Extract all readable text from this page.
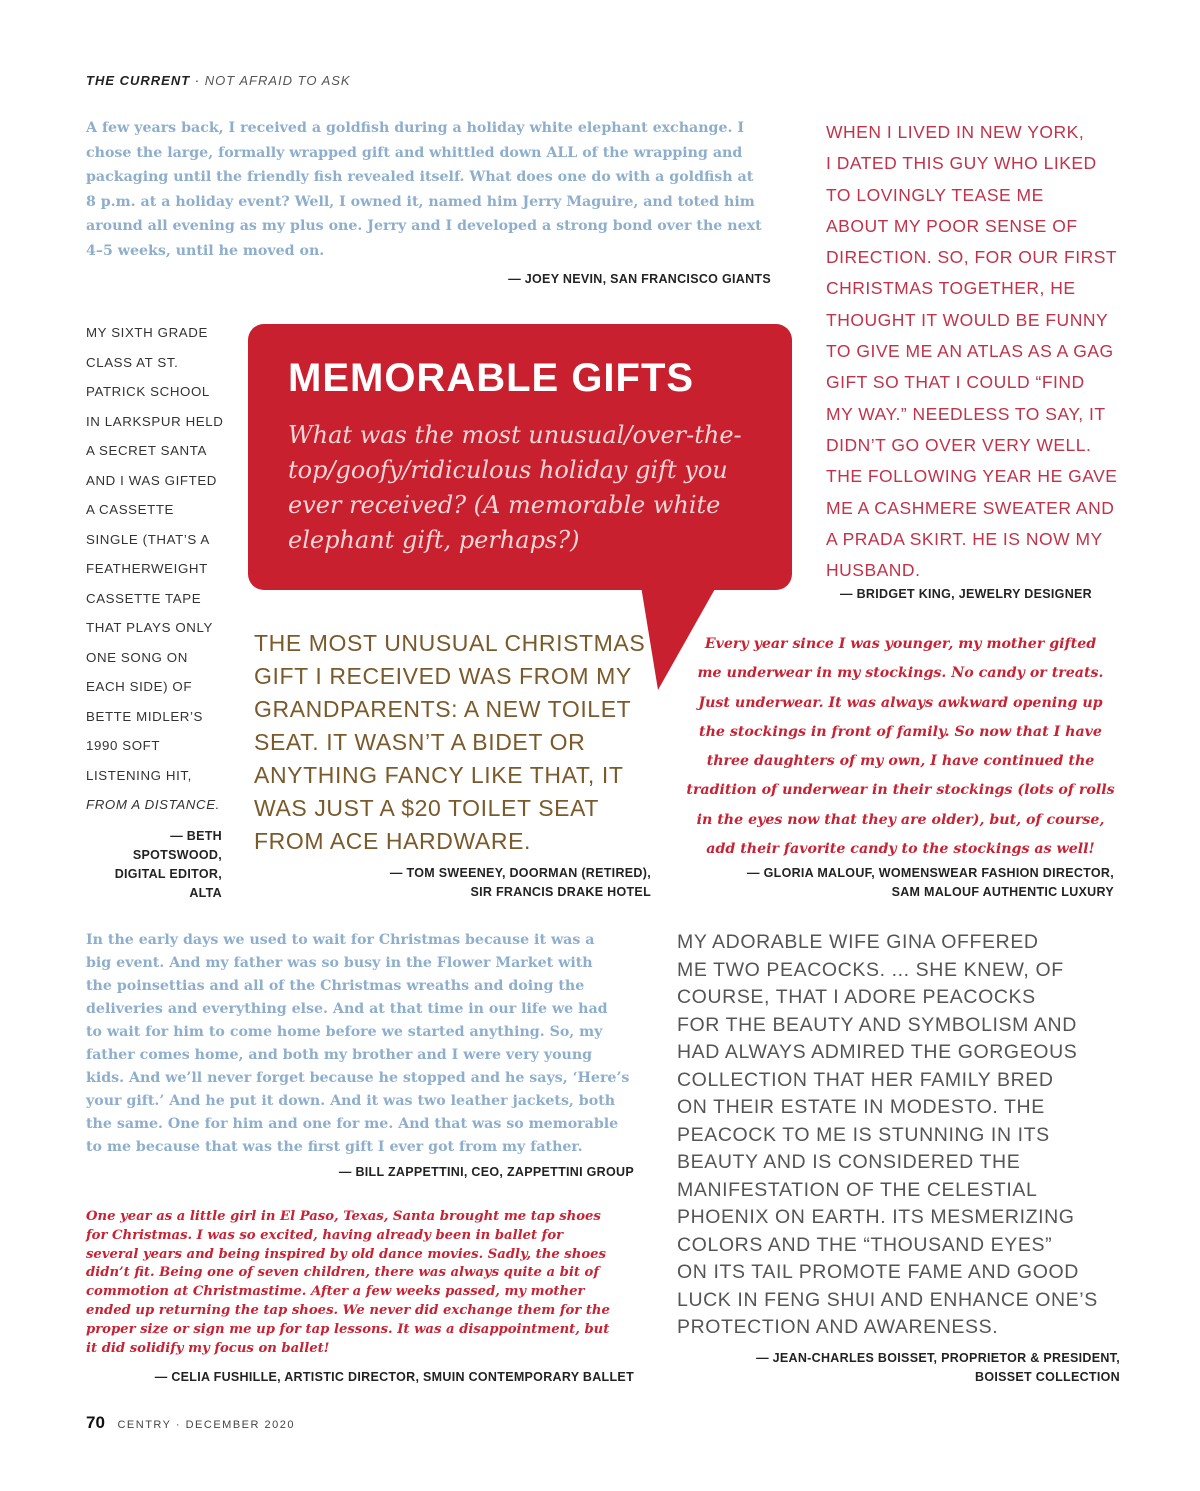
THE CURRENT · NOT AFRAID TO ASK
A few years back, I received a goldfish during a holiday white elephant exchange. I
chose the large, formally wrapped gift and whittled down ALL of the wrapping and
packaging until the friendly fish revealed itself. What does one do with a goldfish at
8 p.m. at a holiday event? Well, I owned it, named him Jerry Maguire, and toted him
around all evening as my plus one. Jerry and I developed a strong bond over the next
4–5 weeks, until he moved on.
— JOEY NEVIN, SAN FRANCISCO GIANTS
WHEN I LIVED IN NEW YORK,
I DATED THIS GUY WHO LIKED
TO LOVINGLY TEASE ME
ABOUT MY POOR SENSE OF
DIRECTION. SO, FOR OUR FIRST
CHRISTMAS TOGETHER, HE
THOUGHT IT WOULD BE FUNNY
TO GIVE ME AN ATLAS AS A GAG
GIFT SO THAT I COULD “FIND
MY WAY.” NEEDLESS TO SAY, IT
DIDN’T GO OVER VERY WELL.
THE FOLLOWING YEAR HE GAVE
ME A CASHMERE SWEATER AND
A PRADA SKIRT. HE IS NOW MY
HUSBAND.
— BRIDGET KING, JEWELRY DESIGNER
MY SIXTH GRADE
CLASS AT ST.
PATRICK SCHOOL
IN LARKSPUR HELD
A SECRET SANTA
AND I WAS GIFTED
A CASSETTE
SINGLE (THAT’S A
FEATHERWEIGHT
CASSETTE TAPE
THAT PLAYS ONLY
ONE SONG ON
EACH SIDE) OF
BETTE MIDLER’S
1990 SOFT
LISTENING HIT,
FROM A DISTANCE.
— BETH
SPOTSWOOD,
DIGITAL EDITOR,
ALTA
MEMORABLE GIFTS
What was the most unusual/over-the-
top/goofy/ridiculous holiday gift you
ever received? (A memorable white
elephant gift, perhaps?)
THE MOST UNUSUAL CHRISTMAS
GIFT I RECEIVED WAS FROM MY
GRANDPARENTS: A NEW TOILET
SEAT. IT WASN’T A BIDET OR
ANYTHING FANCY LIKE THAT, IT
WAS JUST A $20 TOILET SEAT
FROM ACE HARDWARE.
— TOM SWEENEY, DOORMAN (RETIRED),
SIR FRANCIS DRAKE HOTEL
Every year since I was younger, my mother gifted
me underwear in my stockings. No candy or treats.
Just underwear. It was always awkward opening up
the stockings in front of family. So now that I have
three daughters of my own, I have continued the
tradition of underwear in their stockings (lots of rolls
in the eyes now that they are older), but, of course,
add their favorite candy to the stockings as well!
— GLORIA MALOUF, WOMENSWEAR FASHION DIRECTOR,
SAM MALOUF AUTHENTIC LUXURY
In the early days we used to wait for Christmas because it was a
big event. And my father was so busy in the Flower Market with
the poinsettias and all of the Christmas wreaths and doing the
deliveries and everything else. And at that time in our life we had
to wait for him to come home before we started anything. So, my
father comes home, and both my brother and I were very young
kids. And we’ll never forget because he stopped and he says, ‘Here’s
your gift.’ And he put it down. And it was two leather jackets, both
the same. One for him and one for me. And that was so memorable
to me because that was the first gift I ever got from my father.
— BILL ZAPPETTINI, CEO, ZAPPETTINI GROUP
One year as a little girl in El Paso, Texas, Santa brought me tap shoes
for Christmas. I was so excited, having already been in ballet for
several years and being inspired by old dance movies. Sadly, the shoes
didn’t fit. Being one of seven children, there was always quite a bit of
commotion at Christmastime. After a few weeks passed, my mother
ended up returning the tap shoes. We never did exchange them for the
proper size or sign me up for tap lessons. It was a disappointment, but
it did solidify my focus on ballet!
— CELIA FUSHILLE, ARTISTIC DIRECTOR, SMUIN CONTEMPORARY BALLET
MY ADORABLE WIFE GINA OFFERED
ME TWO PEACOCKS. ... SHE KNEW, OF
COURSE, THAT I ADORE PEACOCKS
FOR THE BEAUTY AND SYMBOLISM AND
HAD ALWAYS ADMIRED THE GORGEOUS
COLLECTION THAT HER FAMILY BRED
ON THEIR ESTATE IN MODESTO. THE
PEACOCK TO ME IS STUNNING IN ITS
BEAUTY AND IS CONSIDERED THE
MANIFESTATION OF THE CELESTIAL
PHOENIX ON EARTH. ITS MESMERIZING
COLORS AND THE “THOUSAND EYES”
ON ITS TAIL PROMOTE FAME AND GOOD
LUCK IN FENG SHUI AND ENHANCE ONE’S
PROTECTION AND AWARENESS.
— JEAN-CHARLES BOISSET, PROPRIETOR & PRESIDENT,
BOISSET COLLECTION
70 CENTRY · DECEMBER 2020
